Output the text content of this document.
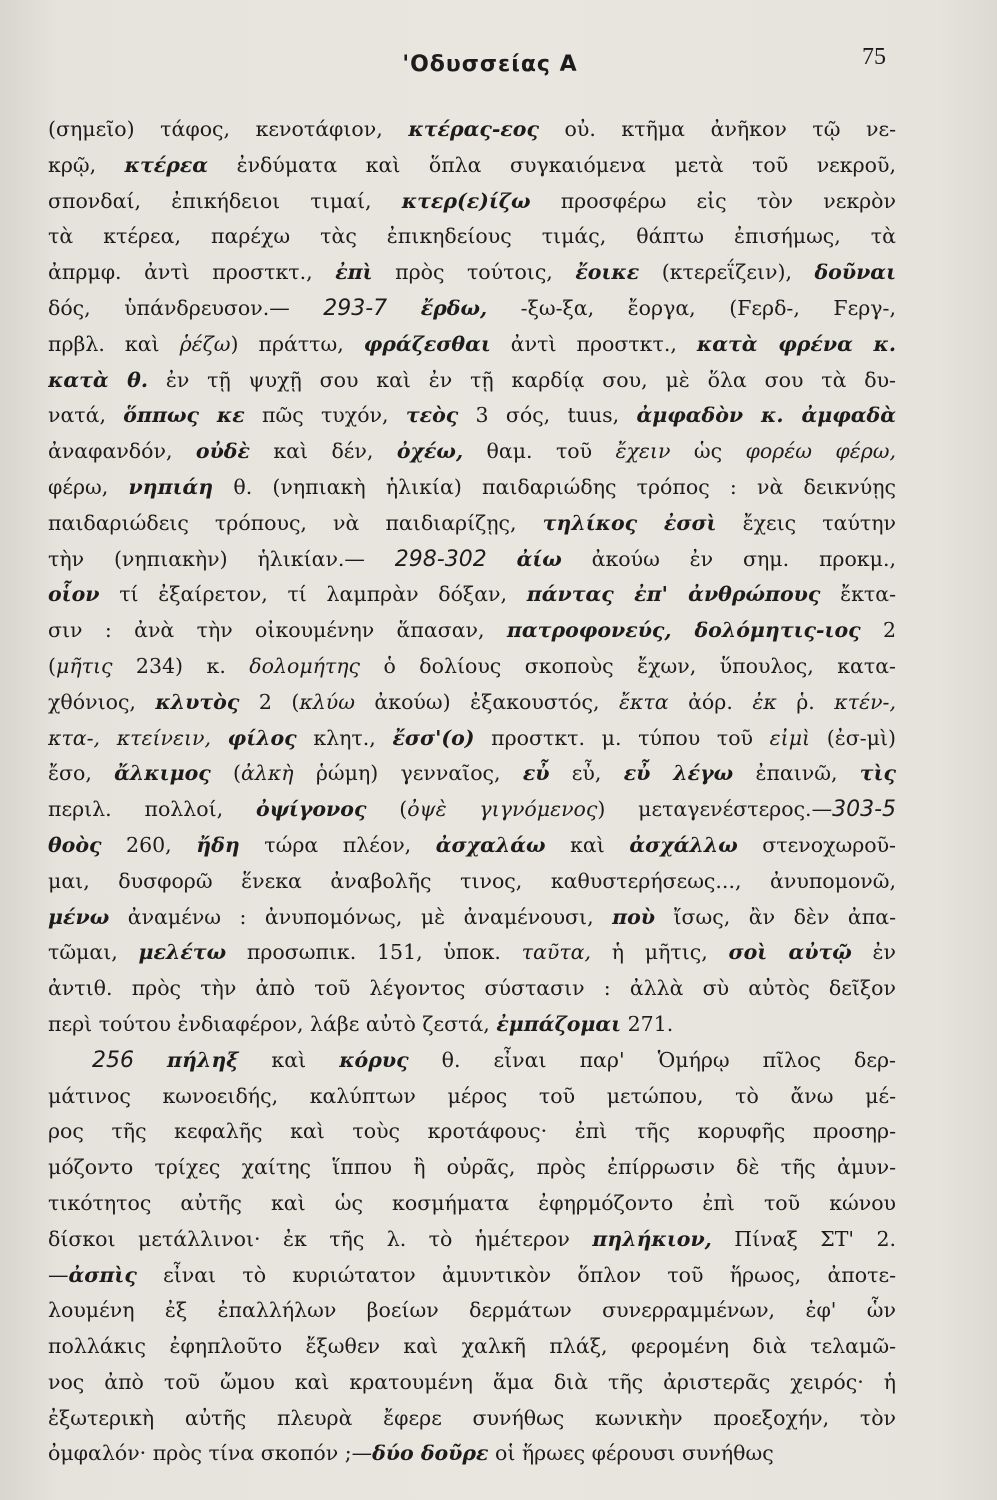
'Οδυσσείας Α	75
(σημεῖο) τάφος, κενοτάφιον, κτέρας-εος οὐ. κτῆμα ἀνῆκον τῷ νε-
κρῷ, κτέρεα ἐνδύματα καὶ ὅπλα συγκαιόμενα μετὰ τοῦ νεκροῦ,
σπονδαί, ἐπικήδειοι τιμαί, κτερ(ε)ίζω προσφέρω εἰς τὸν νεκρὸν
τὰ κτέρεα, παρέχω τὰς ἐπικηδείους τιμάς, θάπτω ἐπισήμως, τὰ
ἀπρμφ. ἀντὶ προστκτ., ἐπὶ πρὸς τούτοις, ἔοικε (κτερεΐζειν), δοῦναι
δός, ὑπάνδρευσον.— 293-7 ἔρδω, -ξω-ξα, ἔοργα, (Ϝερδ-, Ϝεργ-,
πρβλ. καὶ ῥέζω) πράττω, φράζεσθαι ἀντὶ προστκτ., κατὰ φρένα κ.
κατὰ θ. ἐν τῇ ψυχῇ σου καὶ ἐν τῇ καρδίᾳ σου, μὲ ὅλα σου τὰ δυ-
νατά, ὅππως κε πῶς τυχόν, τεὸς 3 σός, tuus, ἀμφαδὸν κ. ἀμφαδὰ
ἀναφανδόν, οὐδὲ καὶ δέν, ὀχέω, θαμ. τοῦ ἔχειν ὡς φορέω φέρω,
φέρω, νηπιάη θ. (νηπιακὴ ἡλικία) παιδαριώδης τρόπος : νὰ δεικνύῃς
παιδαριώδεις τρόπους, νὰ παιδιαρίζῃς, τηλίκος ἐσσὶ ἔχεις ταύτην
τὴν (νηπιακὴν) ἡλικίαν.— 298-302 ἀίω ἀκούω ἐν σημ. προκμ.,
οἷον τί ἐξαίρετον, τί λαμπρὰν δόξαν, πάντας ἐπ' ἀνθρώπους ἔκτα-
σιν : ἀνὰ τὴν οἰκουμένην ἅπασαν, πατροφονεύς, δολόμητις-ιος 2
(μῆτις 234) κ. δολομήτης ὁ δολίους σκοποὺς ἔχων, ὕπουλος, κατα-
χθόνιος, κλυτὸς 2 (κλύω ἀκούω) ἐξακουστός, ἔκτα ἀόρ. ἐκ ῥ. κτέν-,
κτα-, κτείνειν, φίλος κλητ., ἔσσ'(ο) προστκτ. μ. τύπου τοῦ εἰμὶ (ἐσ-μὶ)
ἔσο, ἄλκιμος (ἀλκὴ ῥώμη) γενναῖος, εὖ εὖ, εὖ λέγω ἐπαινῶ, τὶς
περιλ. πολλοί, ὀψίγονος (ὀψὲ γιγνόμενος) μεταγενέστερος.—303-5
θοὸς 260, ἤδη τώρα πλέον, ἀσχαλάω καὶ ἀσχάλλω στενοχωροῦ-
μαι, δυσφορῶ ἕνεκα ἀναβολῆς τινος, καθυστερήσεως..., ἀνυπομονῶ,
μένω ἀναμένω : ἀνυπομόνως, μὲ ἀναμένουσι, ποὺ ἴσως, ἂν δὲν ἀπα-
τῶμαι, μελέτω προσωπικ. 151, ὑποκ. ταῦτα, ἡ μῆτις, σοὶ αὐτῷ ἐν
ἀντιθ. πρὸς τὴν ἀπὸ τοῦ λέγοντος σύστασιν : ἀλλὰ σὺ αὐτὸς δεῖξον
περὶ τούτου ἐνδιαφέρον, λάβε αὐτὸ ζεστά, ἐμπάζομαι 271.
256 πήληξ καὶ κόρυς θ. εἶναι παρ' Ὁμήρῳ πῖλος δερ-
μάτινος κωνοειδής, καλύπτων μέρος τοῦ μετώπου, τὸ ἄνω μέ-
ρος τῆς κεφαλῆς καὶ τοὺς κροτάφους· ἐπὶ τῆς κορυφῆς προσηρ-
μόζοντο τρίχες χαίτης ἵππου ἢ οὐρᾶς, πρὸς ἐπίρρωσιν δὲ τῆς ἀμυν-
τικότητος αὐτῆς καὶ ὡς κοσμήματα ἐφηρμόζοντο ἐπὶ τοῦ κώνου
δίσκοι μετάλλινοι· ἐκ τῆς λ. τὸ ἡμέτερον πηλήκιον, Πίναξ ΣΤ' 2.
—ἀσπὶς εἶναι τὸ κυριώτατον ἀμυντικὸν ὅπλον τοῦ ἥρωος, ἀποτε-
λουμένη ἐξ ἐπαλλήλων βοείων δερμάτων συνερραμμένων, ἐφ' ὧν
πολλάκις ἐφηπλοῦτο ἔξωθεν καὶ χαλκῆ πλάξ, φερομένη διὰ τελαμῶ-
νος ἀπὸ τοῦ ὤμου καὶ κρατουμένη ἅμα διὰ τῆς ἀριστερᾶς χειρός· ἡ
ἐξωτερικὴ αὐτῆς πλευρὰ ἔφερε συνήθως κωνικὴν προεξοχήν, τὸν
ὀμφαλόν· πρὸς τίνα σκοπόν ;—δύο δοῦρε οἱ ἥρωες φέρουσι συνήθως
